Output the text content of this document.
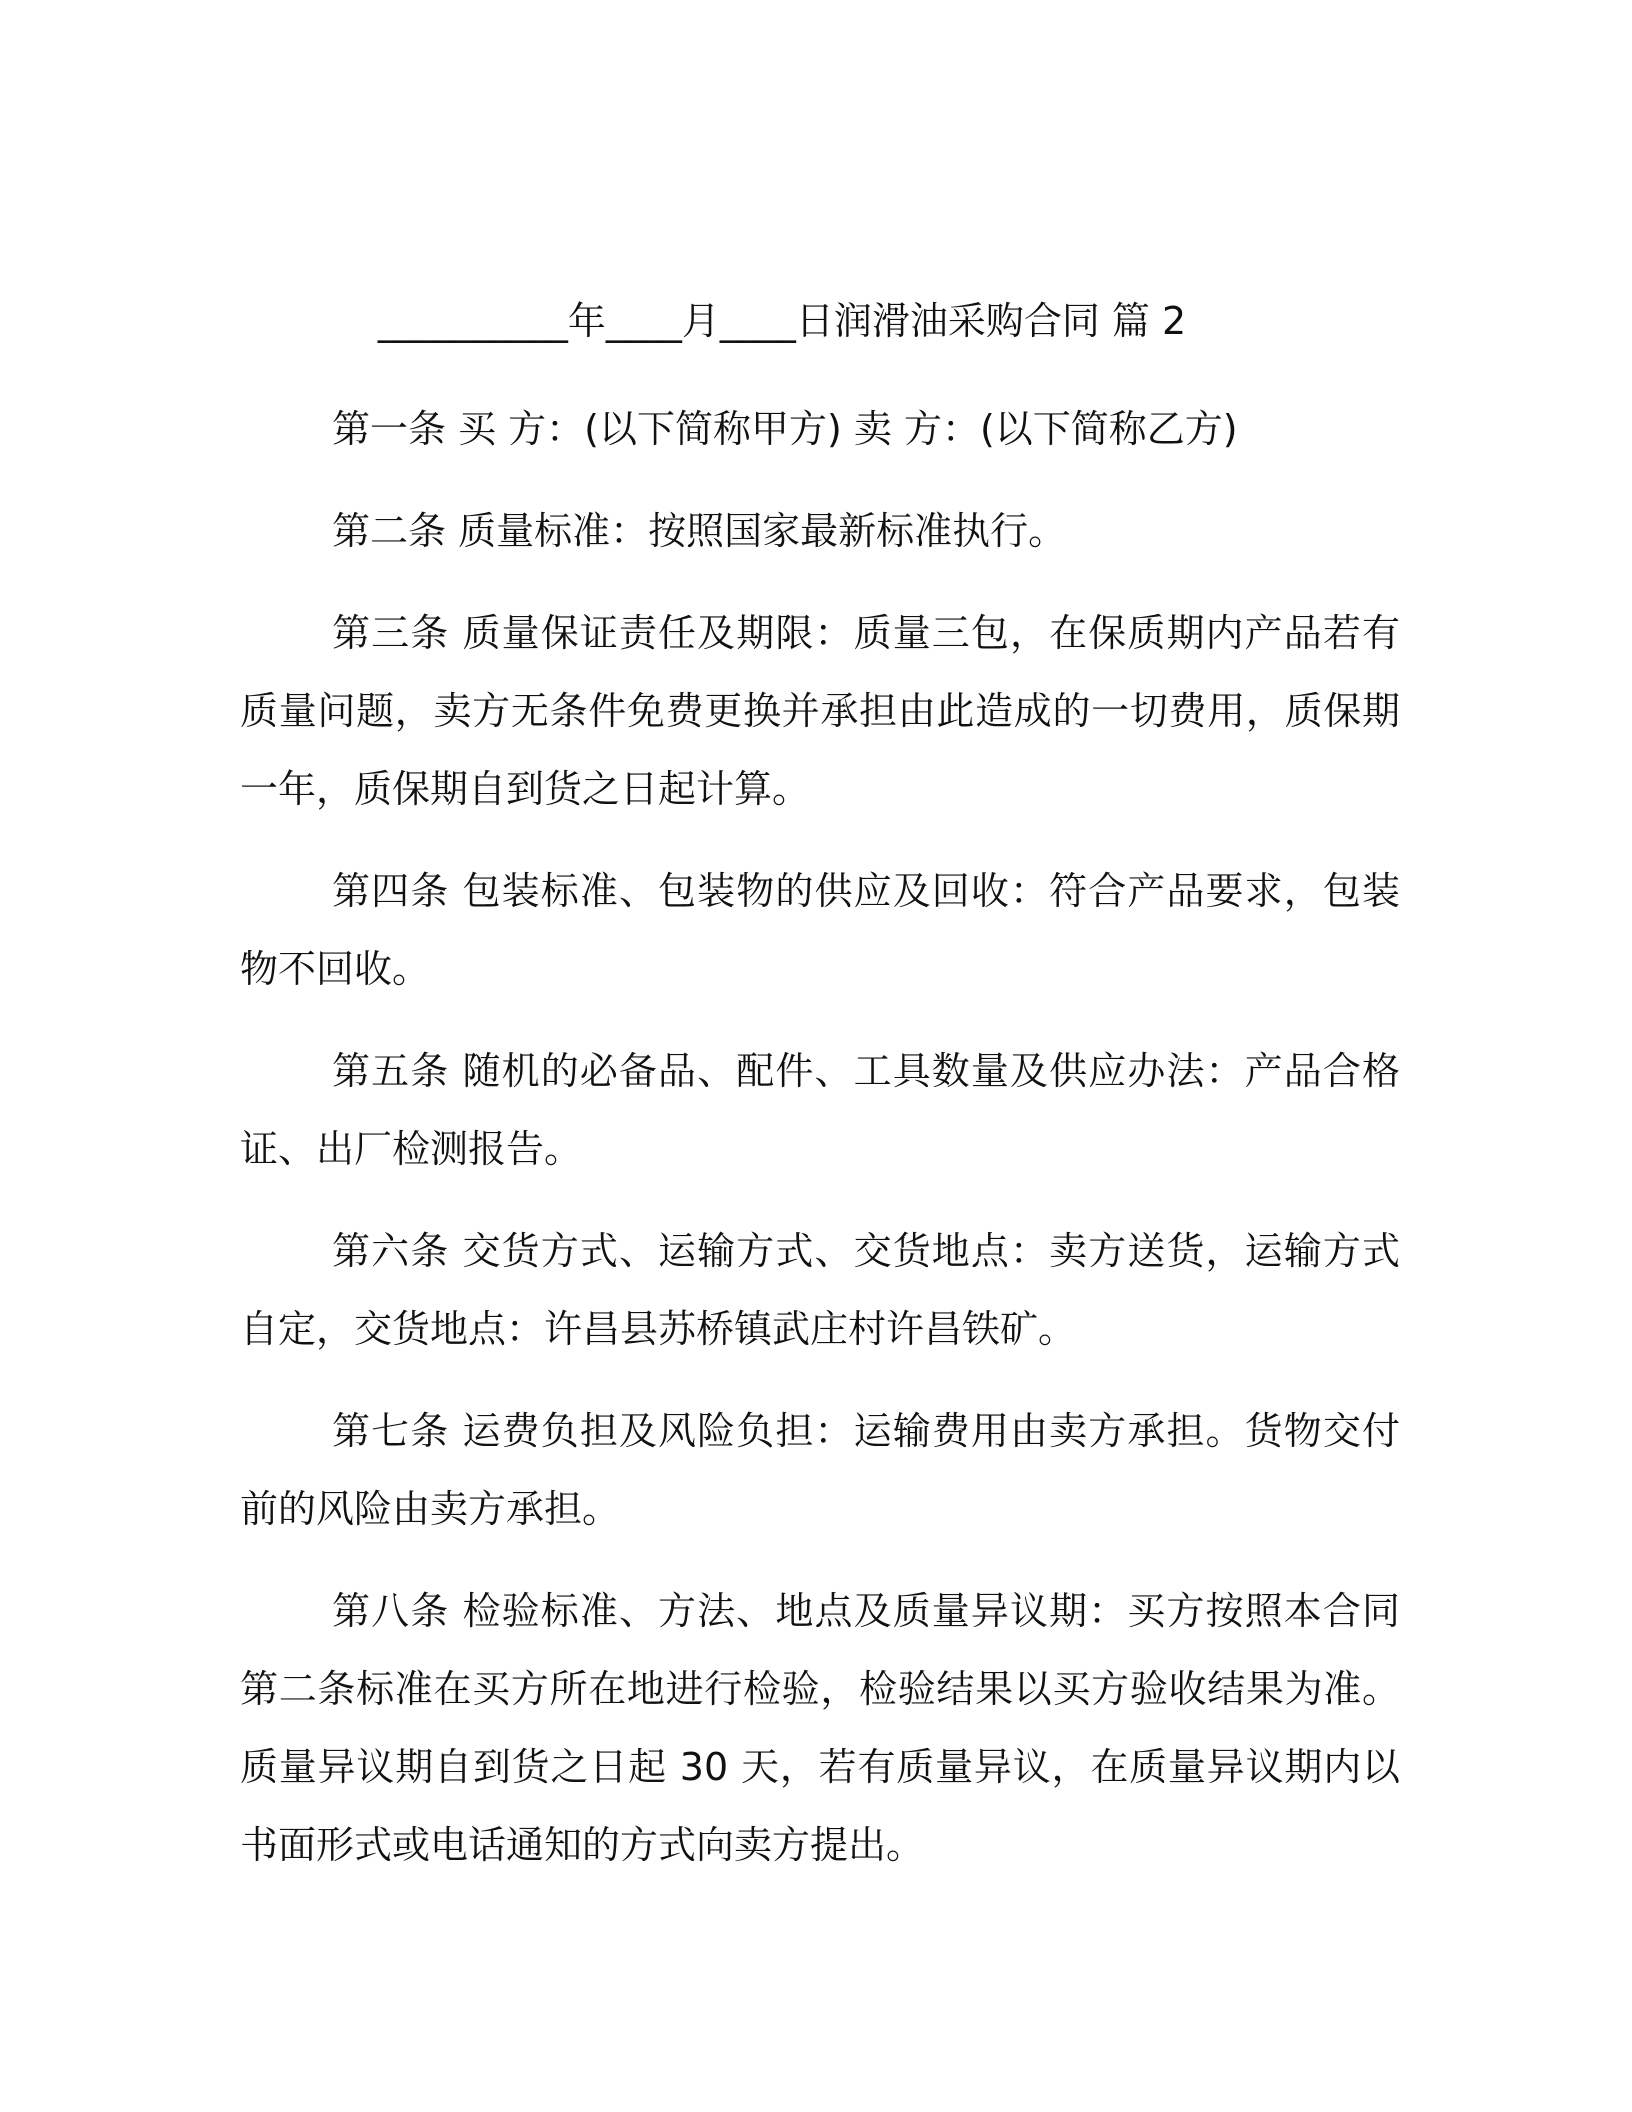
__________年____月____日润滑油采购合同 篇 2

第一条 买 方：(以下简称甲方) 卖 方：(以下简称乙方)

第二条 质量标准：按照国家最新标准执行。

第三条 质量保证责任及期限：质量三包，在保质期内产品若有质量问题，卖方无条件免费更换并承担由此造成的一切费用，质保期一年，质保期自到货之日起计算。

第四条 包装标准、包装物的供应及回收：符合产品要求，包装物不回收。

第五条 随机的必备品、配件、工具数量及供应办法：产品合格证、出厂检测报告。

第六条 交货方式、运输方式、交货地点：卖方送货，运输方式自定，交货地点：许昌县苏桥镇武庄村许昌铁矿。

第七条 运费负担及风险负担：运输费用由卖方承担。货物交付前的风险由卖方承担。

第八条 检验标准、方法、地点及质量异议期：买方按照本合同第二条标准在买方所在地进行检验，检验结果以买方验收结果为准。质量异议期自到货之日起 30 天，若有质量异议，在质量异议期内以书面形式或电话通知的方式向卖方提出。
